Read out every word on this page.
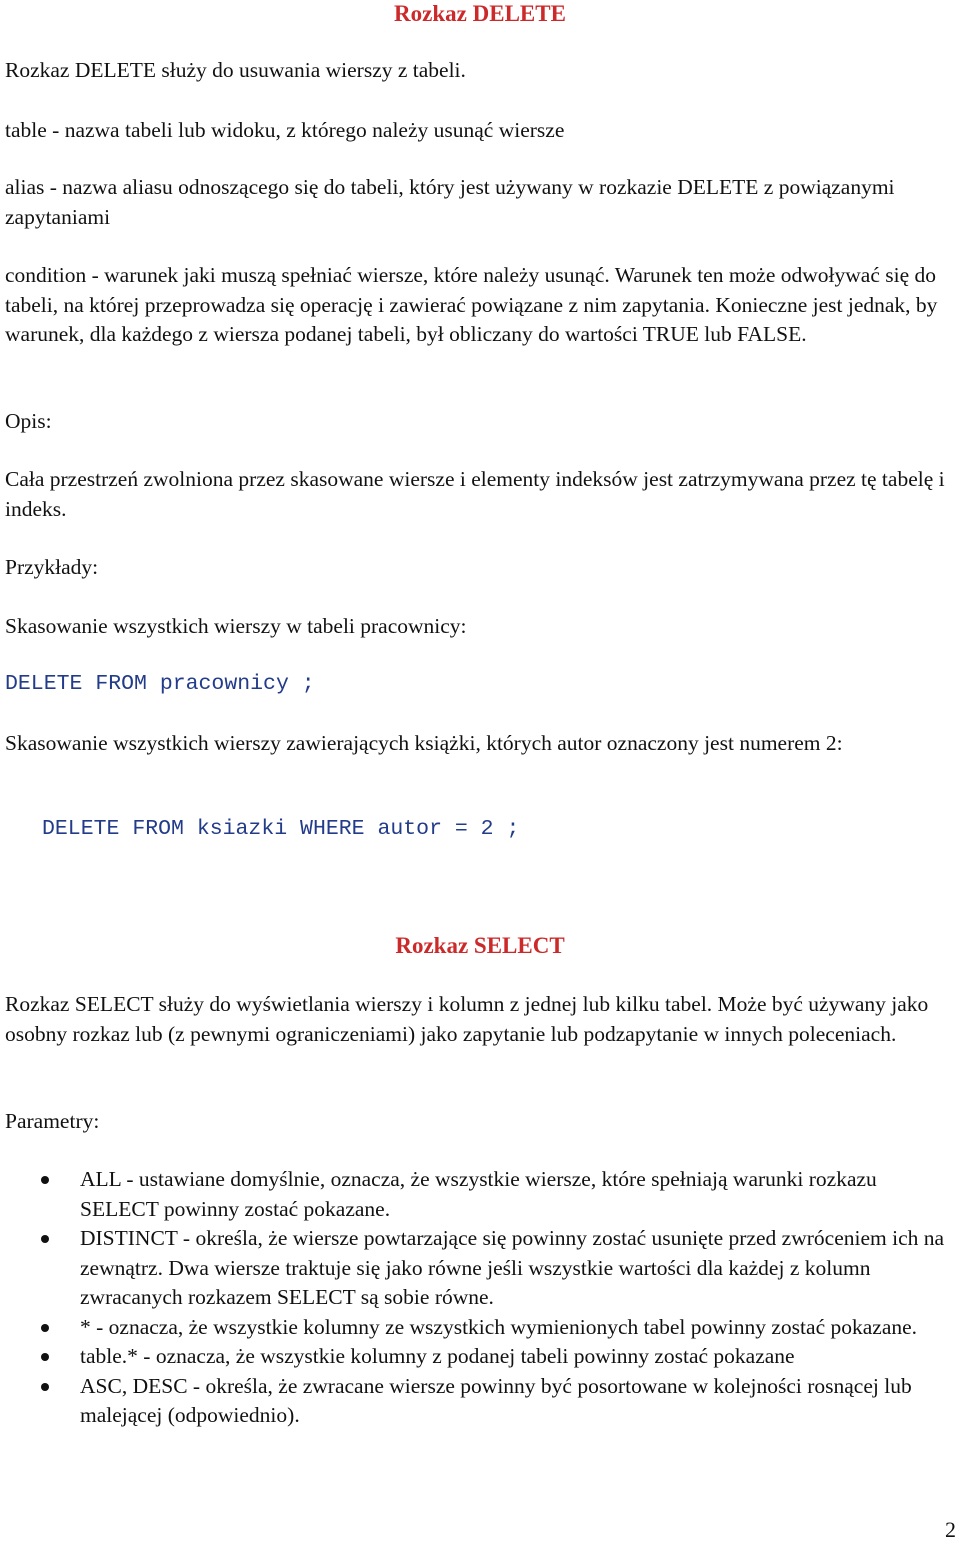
Rozkaz DELETE

Rozkaz DELETE służy do usuwania wierszy z tabeli.

table - nazwa tabeli lub widoku, z którego należy usunąć wiersze

alias - nazwa aliasu odnoszącego się do tabeli, który jest używany w rozkazie DELETE z powiązanymi zapytaniami

condition - warunek jaki muszą spełniać wiersze, które należy usunąć. Warunek ten może odwoływać się do tabeli, na której przeprowadza się operację i zawierać powiązane z nim zapytania. Konieczne jest jednak, by warunek, dla każdego z wiersza podanej tabeli, był obliczany do wartości TRUE lub FALSE.

Opis:

Cała przestrzeń zwolniona przez skasowane wiersze i elementy indeksów jest zatrzymywana przez tę tabelę i indeks.

Przykłady:

Skasowanie wszystkich wierszy w tabeli pracownicy:

DELETE FROM pracownicy ;

Skasowanie wszystkich wierszy zawierających książki, których autor oznaczony jest numerem 2:

DELETE FROM ksiazki WHERE autor = 2 ;
Rozkaz SELECT

Rozkaz SELECT służy do wyświetlania wierszy i kolumn z jednej lub kilku tabel. Może być używany jako osobny rozkaz lub (z pewnymi ograniczeniami) jako zapytanie lub podzapytanie w innych poleceniach.

Parametry:

ALL - ustawiane domyślnie, oznacza, że wszystkie wiersze, które spełniają warunki rozkazu SELECT powinny zostać pokazane.
DISTINCT - określa, że wiersze powtarzające się powinny zostać usunięte przed zwróceniem ich na zewnątrz. Dwa wiersze traktuje się jako równe jeśli wszystkie wartości dla każdej z kolumn zwracanych rozkazem SELECT są sobie równe.
* - oznacza, że wszystkie kolumny ze wszystkich wymienionych tabel powinny zostać pokazane.
table.* - oznacza, że wszystkie kolumny z podanej tabeli powinny zostać pokazane
ASC, DESC - określa, że zwracane wiersze powinny być posortowane w kolejności rosnącej lub malejącej (odpowiednio).
2
